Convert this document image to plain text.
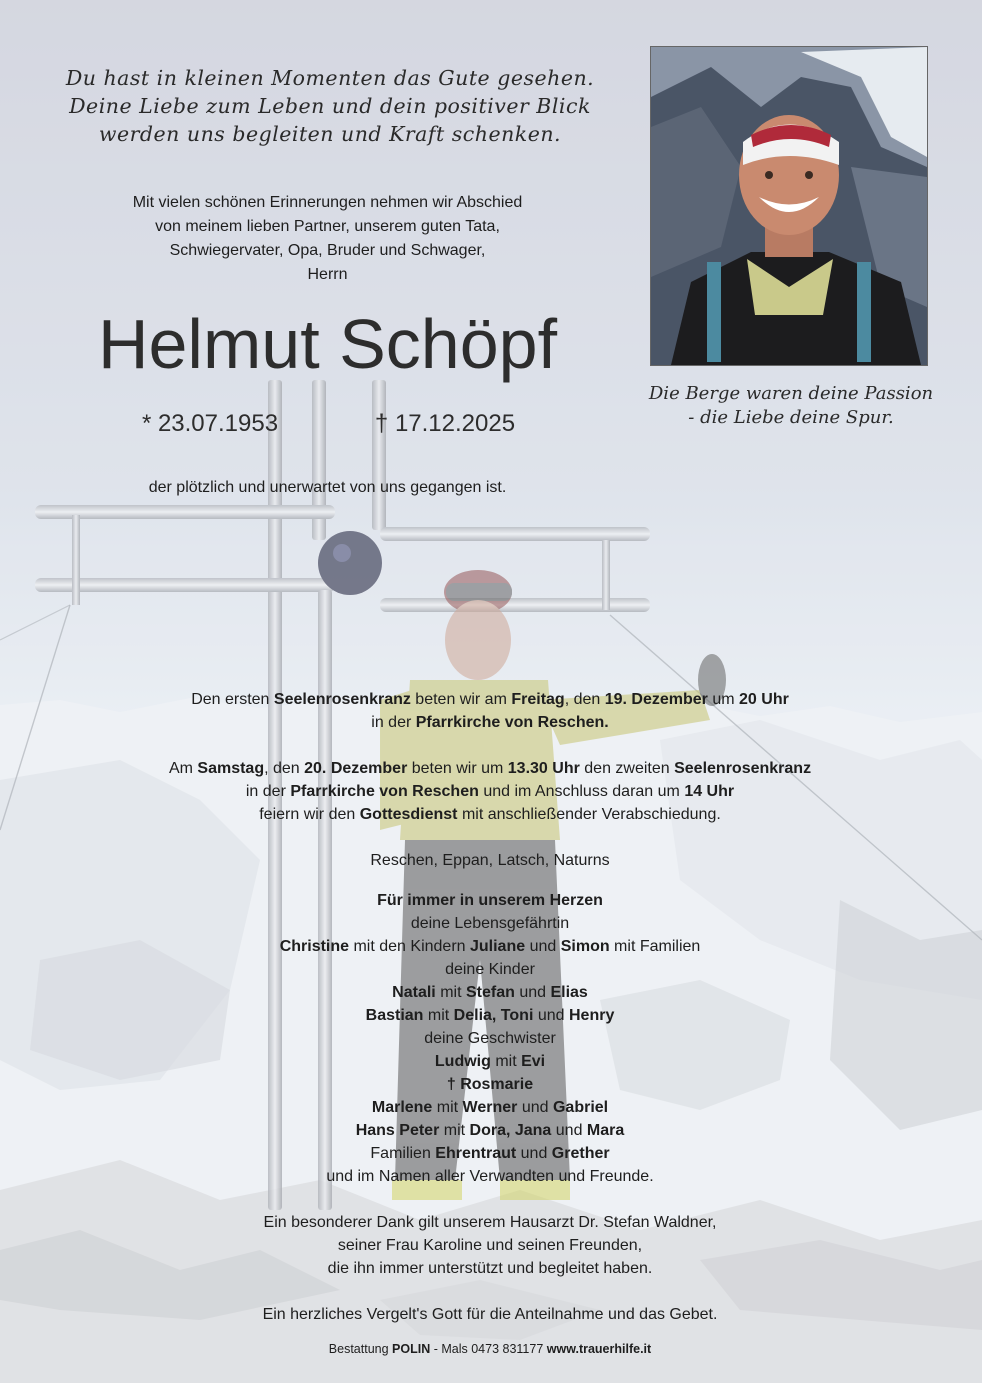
Du hast in kleinen Momenten das Gute gesehen.
Deine Liebe zum Leben und dein positiver Blick
werden uns begleiten und Kraft schenken.
Mit vielen schönen Erinnerungen nehmen wir Abschied
von meinem lieben Partner, unserem guten Tata,
Schwiegervater, Opa, Bruder und Schwager,
Herrn
Helmut Schöpf
* 23.07.1953	† 17.12.2025
der plötzlich und unerwartet von uns gegangen ist.
Die Berge waren deine Passion
- die Liebe deine Spur.

Den ersten Seelenrosenkranz beten wir am Freitag, den 19. Dezember um 20 Uhr

in der Pfarrkirche von Reschen.

Am Samstag, den 20. Dezember beten wir um 13.30 Uhr den zweiten Seelenrosenkranz

in der Pfarrkirche von Reschen und im Anschluss daran um 14 Uhr

feiern wir den Gottesdienst mit anschließender Verabschiedung.

Reschen, Eppan, Latsch, Naturns

Für immer in unserem Herzen

deine Lebensgefährtin

Christine mit den Kindern Juliane und Simon mit Familien

deine Kinder

Natali mit Stefan und Elias

Bastian mit Delia, Toni und Henry

deine Geschwister

Ludwig mit Evi

† Rosmarie

Marlene mit Werner und Gabriel

Hans Peter mit Dora, Jana und Mara

Familien Ehrentraut und Grether

und im Namen aller Verwandten und Freunde.

Ein besonderer Dank gilt unserem Hausarzt Dr. Stefan Waldner,

seiner Frau Karoline und seinen Freunden,

die ihn immer unterstützt und begleitet haben.

Ein herzliches Vergelt's Gott für die Anteilnahme und das Gebet.

Bestattung POLIN - Mals 0473 831177 www.trauerhilfe.it
